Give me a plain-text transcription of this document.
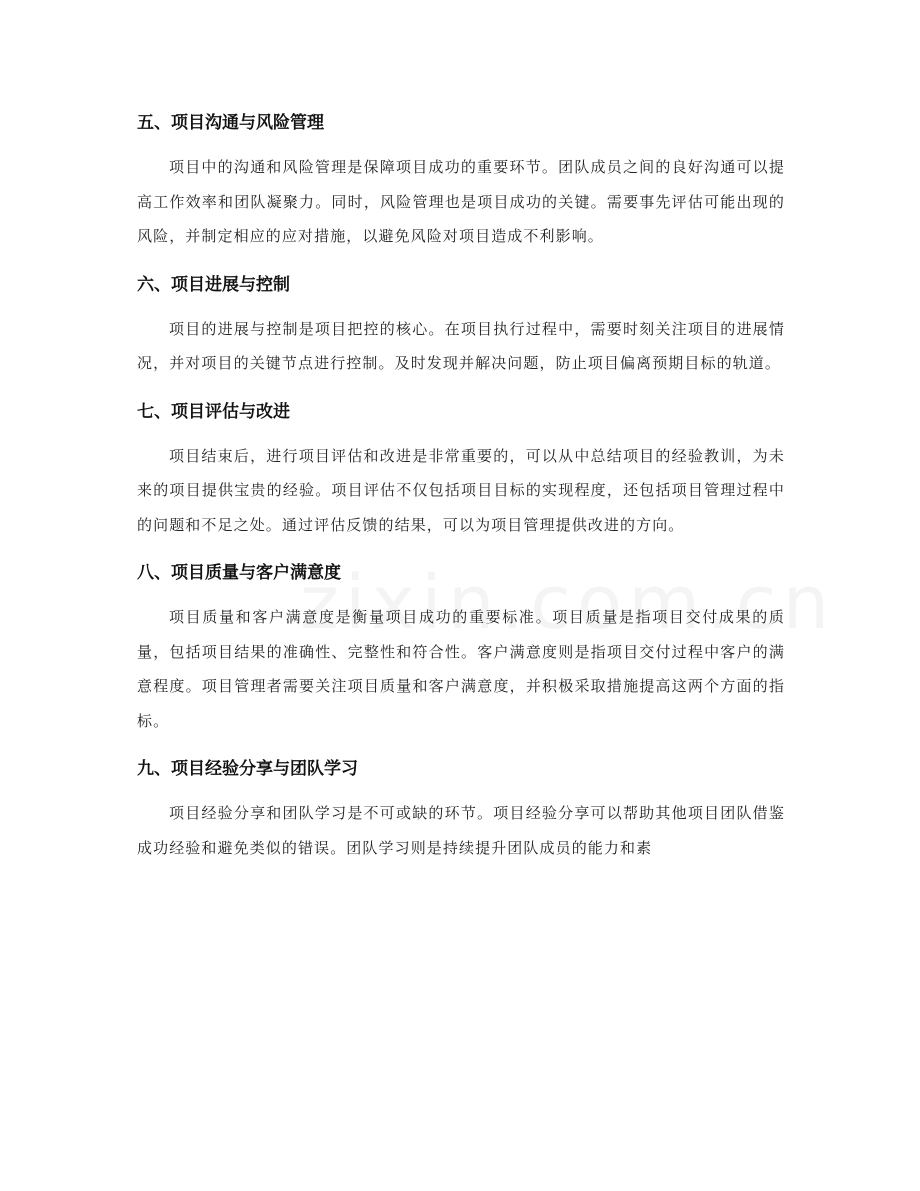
五、项目沟通与风险管理

项目中的沟通和风险管理是保障项目成功的重要环节。团队成员之间的良好沟通可以提高工作效率和团队凝聚力。同时，风险管理也是项目成功的关键。需要事先评估可能出现的风险，并制定相应的应对措施，以避免风险对项目造成不利影响。

六、项目进展与控制

项目的进展与控制是项目把控的核心。在项目执行过程中，需要时刻关注项目的进展情况，并对项目的关键节点进行控制。及时发现并解决问题，防止项目偏离预期目标的轨道。

七、项目评估与改进

项目结束后，进行项目评估和改进是非常重要的，可以从中总结项目的经验教训，为未来的项目提供宝贵的经验。项目评估不仅包括项目目标的实现程度，还包括项目管理过程中的问题和不足之处。通过评估反馈的结果，可以为项目管理提供改进的方向。

八、项目质量与客户满意度

项目质量和客户满意度是衡量项目成功的重要标准。项目质量是指项目交付成果的质量，包括项目结果的准确性、完整性和符合性。客户满意度则是指项目交付过程中客户的满意程度。项目管理者需要关注项目质量和客户满意度，并积极采取措施提高这两个方面的指标。

九、项目经验分享与团队学习

项目经验分享和团队学习是不可或缺的环节。项目经验分享可以帮助其他项目团队借鉴成功经验和避免类似的错误。团队学习则是持续提升团队成员的能力和素
